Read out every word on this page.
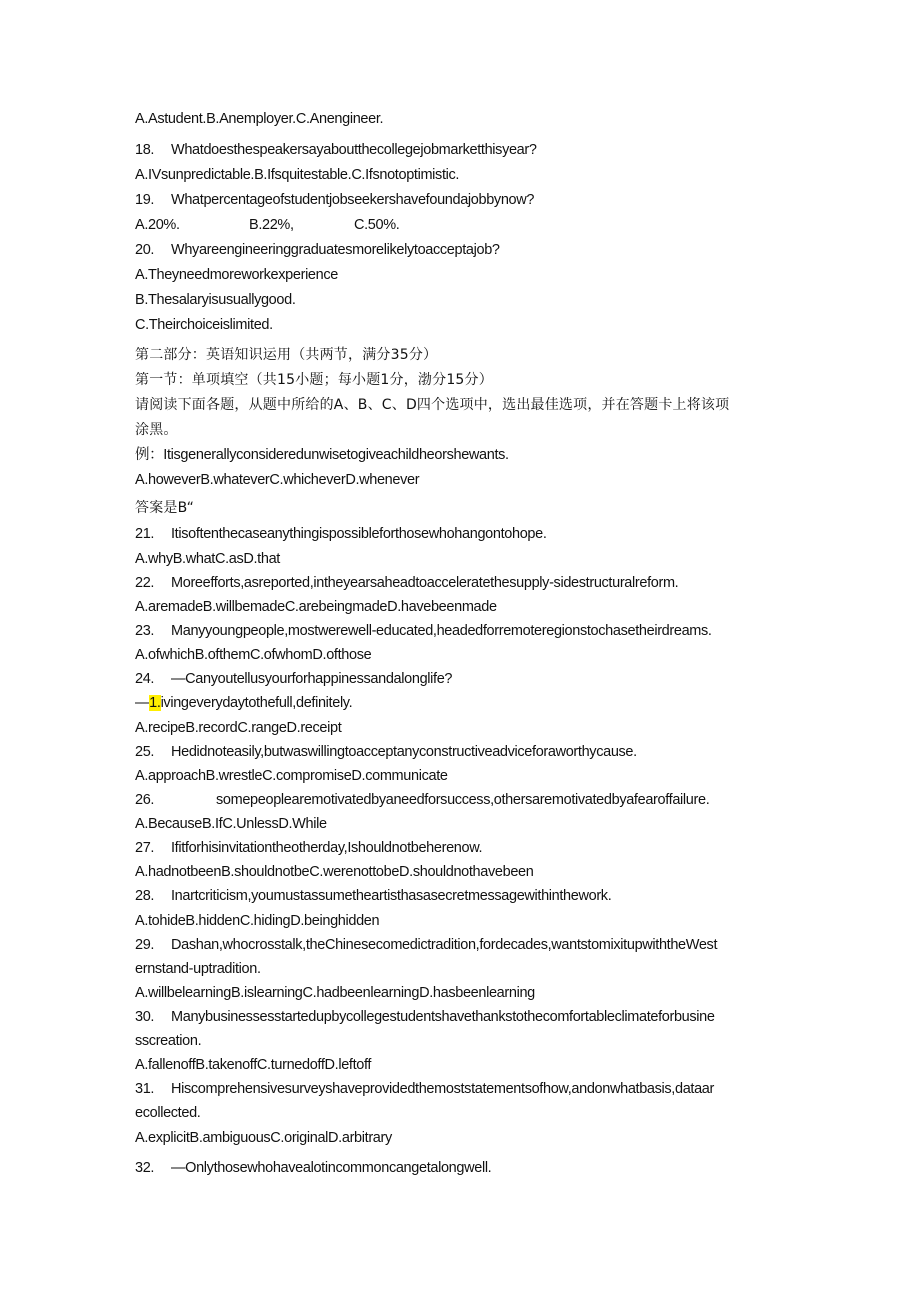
A.Astudent.B.Anemployer.C.Anengineer.
18. Whatdoesthespeakersayaboutthecollegejobmarketthisyear?
A.IVsunpredictable.B.Ifsquitestable.C.Ifsnotoptimistic.
19. Whatpercentageofstudentjobseekershavefoundajobbynow?
A.20%.	B.22%,	C.50%.
20. Whyareengineeringgraduatesmorelikelytoacceptajob?
A.Theyneedmoreworkexperience
B.Thesalaryisusuallygood.
C.Theirchoiceislimited.
第二部分：英语知识运用（共两节，满分35分）
第一节：单项填空（共15小题；每小题1分，渤分15分）
请阅读下面各题，从题中所给的A、B、C、D四个选项中，选出最佳选项，并在答题卡上将该项
涂黑。
例：Itisgenerallyconsideredunwisetogiveachildheorshewants.
A.howeverB.whateverC.whicheverD.whenever
答案是B“
21. Itisoftenthecaseanythingispossibleforthosewhohangontohope.
A.whyB.whatC.asD.that
22. Moreefforts,asreported,intheyearsaheadtoacceleratethesupply-sidestructuralreform.
A.aremadeB.willbemadeC.arebeingmadeD.havebeenmade
23. Manyyoungpeople,mostwerewell-educated,headedforremoteregionstochasetheirdreams.
A.ofwhichB.ofthemC.ofwhomD.ofthose
24. —Canyoutellusyourforhappinessandalonglife?
—1.ivingeverydaytothefull,definitely.
A.recipeB.recordC.rangeD.receipt
25. Hedidnoteasily,butwaswillingtoacceptanyconstructiveadviceforaworthycause.
A.approachB.wrestleC.compromiseD.communicate
26.	somepeoplearemotivatedbyaneedforsuccess,othersaremotivatedbyafearoffailure.
A.BecauseB.IfC.UnlessD.While
27. Ifitforhisinvitationtheotherday,Ishouldnotbeherenow.
A.hadnotbeenB.shouldnotbeC.werenottobeD.shouldnothavebeen
28. Inartcriticism,youmustassumetheartisthasasecretmessagewithinthework.
A.tohideB.hiddenC.hidingD.beinghidden
29. Dashan,whocrosstalk,theChinesecomedictradition,fordecades,wantstomixitupwiththeWest
ernstand-uptradition.
A.willbelearningB.islearningC.hadbeenlearningD.hasbeenlearning
30. Manybusinessesstartedupbycollegestudentshavethankstothecomfortableclimateforbusine
sscreation.
A.fallenoffB.takenoffC.turnedoffD.leftoff
31. Hiscomprehensivesurveyshaveprovidedthemoststatementsofhow,andonwhatbasis,dataar
ecollected.
A.explicitB.ambiguousC.originalD.arbitrary
32. —Onlythosewhohavealotincommoncangetalongwell.
